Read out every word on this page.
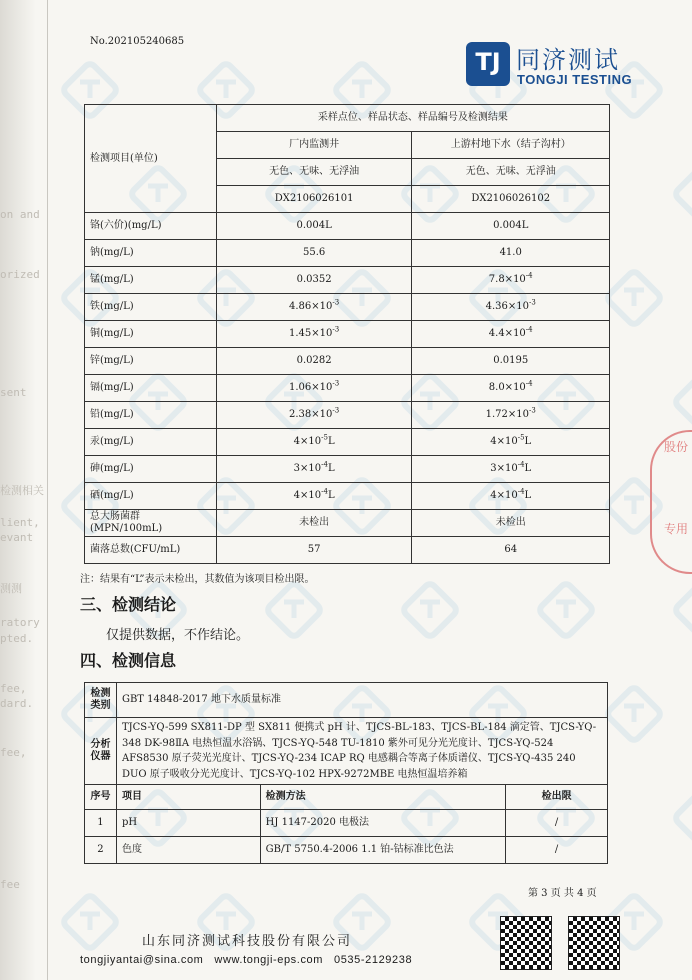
on and
orized
sent
检测相关
lient,
evant
测测
ratory
pted.
fee,
dard.
fee,
fee
股份
专用
No.202105240685
TJ 同济测试
TONGJI TESTING
检测项目(单位)	采样点位、样品状态、样品编号及检测结果	
	厂内监测井	上游村地下水（结子沟村）
	无色、无味、无浮油	无色、无味、无浮油
	DX2106026101	DX2106026102
铬(六价)(mg/L)	0.004L	0.004L
钠(mg/L)	55.6	41.0
锰(mg/L)	0.0352	$7.8\times 10^{-4}$
铁(mg/L)	$4.86\times 10^{-3}$	$4.36\times 10^{-3}$
铜(mg/L)	$1.45\times 10^{-3}$	$4.4\times 10^{-4}$
锌(mg/L)	0.0282	0.0195
镉(mg/L)	$1.06\times 10^{-3}$	$8.0\times 10^{-4}$
铅(mg/L)	$2.38\times 10^{-3}$	$1.72\times 10^{-3}$
汞(mg/L)	$4\times 10^{-5}L$	$4\times 10^{-5}L$
砷(mg/L)	$3\times 10^{-4}L$	$3\times 10^{-4}L$
硒(mg/L)	$4\times 10^{-4}L$	$4\times 10^{-4}L$
总大肠菌群(MPN/100mL)	未检出	未检出
菌落总数(CFU/mL)	57	64
注：结果有“L”表示未检出，其数值为该项目检出限。
三、检测结论
仅提供数据，不作结论。
四、检测信息
检测类别	GBT 14848-2017 地下水质量标准		
分析仪器	TJCS-YQ-599 SX811-DP 型 SX811 便携式 pH 计、TJCS-BL-183、TJCS-BL-184 滴定管、TJCS-YQ-348 DK-98ⅡA 电热恒温水浴锅、TJCS-YQ-548 TU-1810 紫外可见分光光度计、TJCS-YQ-524 AFS8530 原子荧光光度计、TJCS-YQ-234 ICAP RQ 电感耦合等离子体质谱仪、TJCS-YQ-435 240 DUO 原子吸收分光光度计、TJCS-YQ-102 HPX-9272MBE 电热恒温培养箱		
序号	项目	检测方法	检出限
1	pH	HJ 1147-2020 电极法	/
2	色度	GB/T 5750.4-2006 1.1 铂-钴标准比色法	/
第 3 页 共 4 页
山东同济测试科技股份有限公司
tongjiyantai@sina.com www.tongji-eps.com 0535-2129238
